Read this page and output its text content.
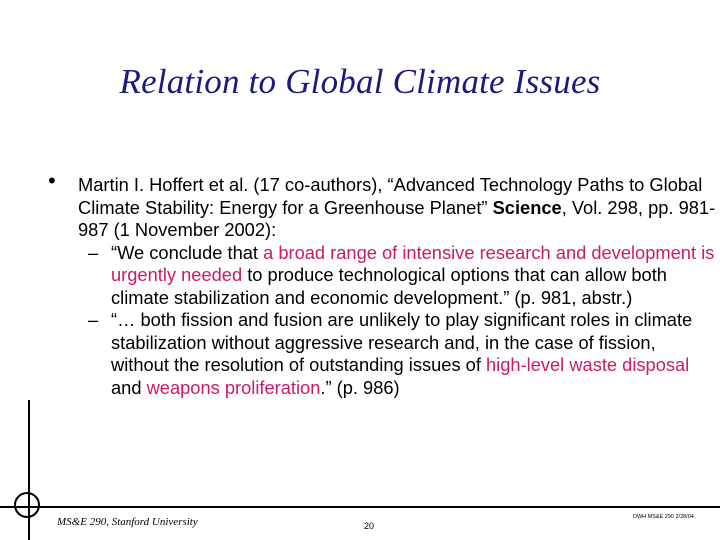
Relation to Global Climate Issues
• Martin I. Hoffert et al. (17 co-authors), “Advanced Technology Paths to Global Climate Stability: Energy for a Greenhouse Planet” Science, Vol. 298, pp. 981-987 (1 November 2002):

– “We conclude that a broad range of intensive research and development is urgently needed to produce technological options that can allow both climate stabilization and economic development.” (p. 981, abstr.)

– “… both fission and fusion are unlikely to play significant roles in climate stabilization without aggressive research and, in the case of fission, without the resolution of outstanding issues of high-level waste disposal and weapons proliferation.” (p. 986)

MS&E 290, Stanford University	20
DWH MS&E 290 2/28/04
